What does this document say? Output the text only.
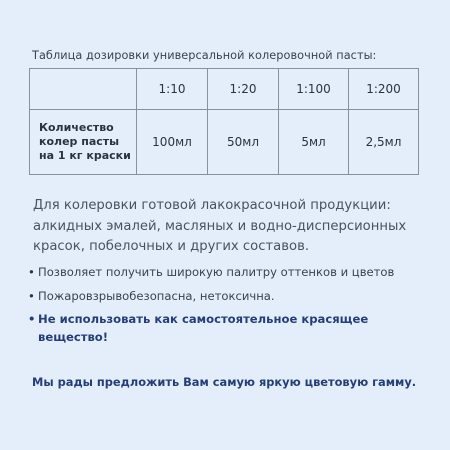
Таблица дозировки универсальной колеровочной пасты:
	1:10	1:20	1:100	1:200

Количество
колер пасты
на 1 кг краски	100мл	50мл	5мл	2,5мл
Для колеровки готовой лакокрасочной продукции: алкидных эмалей, масляных и водно-дисперсионных красок, побелочных и других составов.
• Позволяет получить широкую палитру оттенков и цветов
• Пожаровзрывобезопасна, нетоксична.
• Не использовать как самостоятельное красящее вещество!
Мы рады предложить Вам самую яркую цветовую гамму.
